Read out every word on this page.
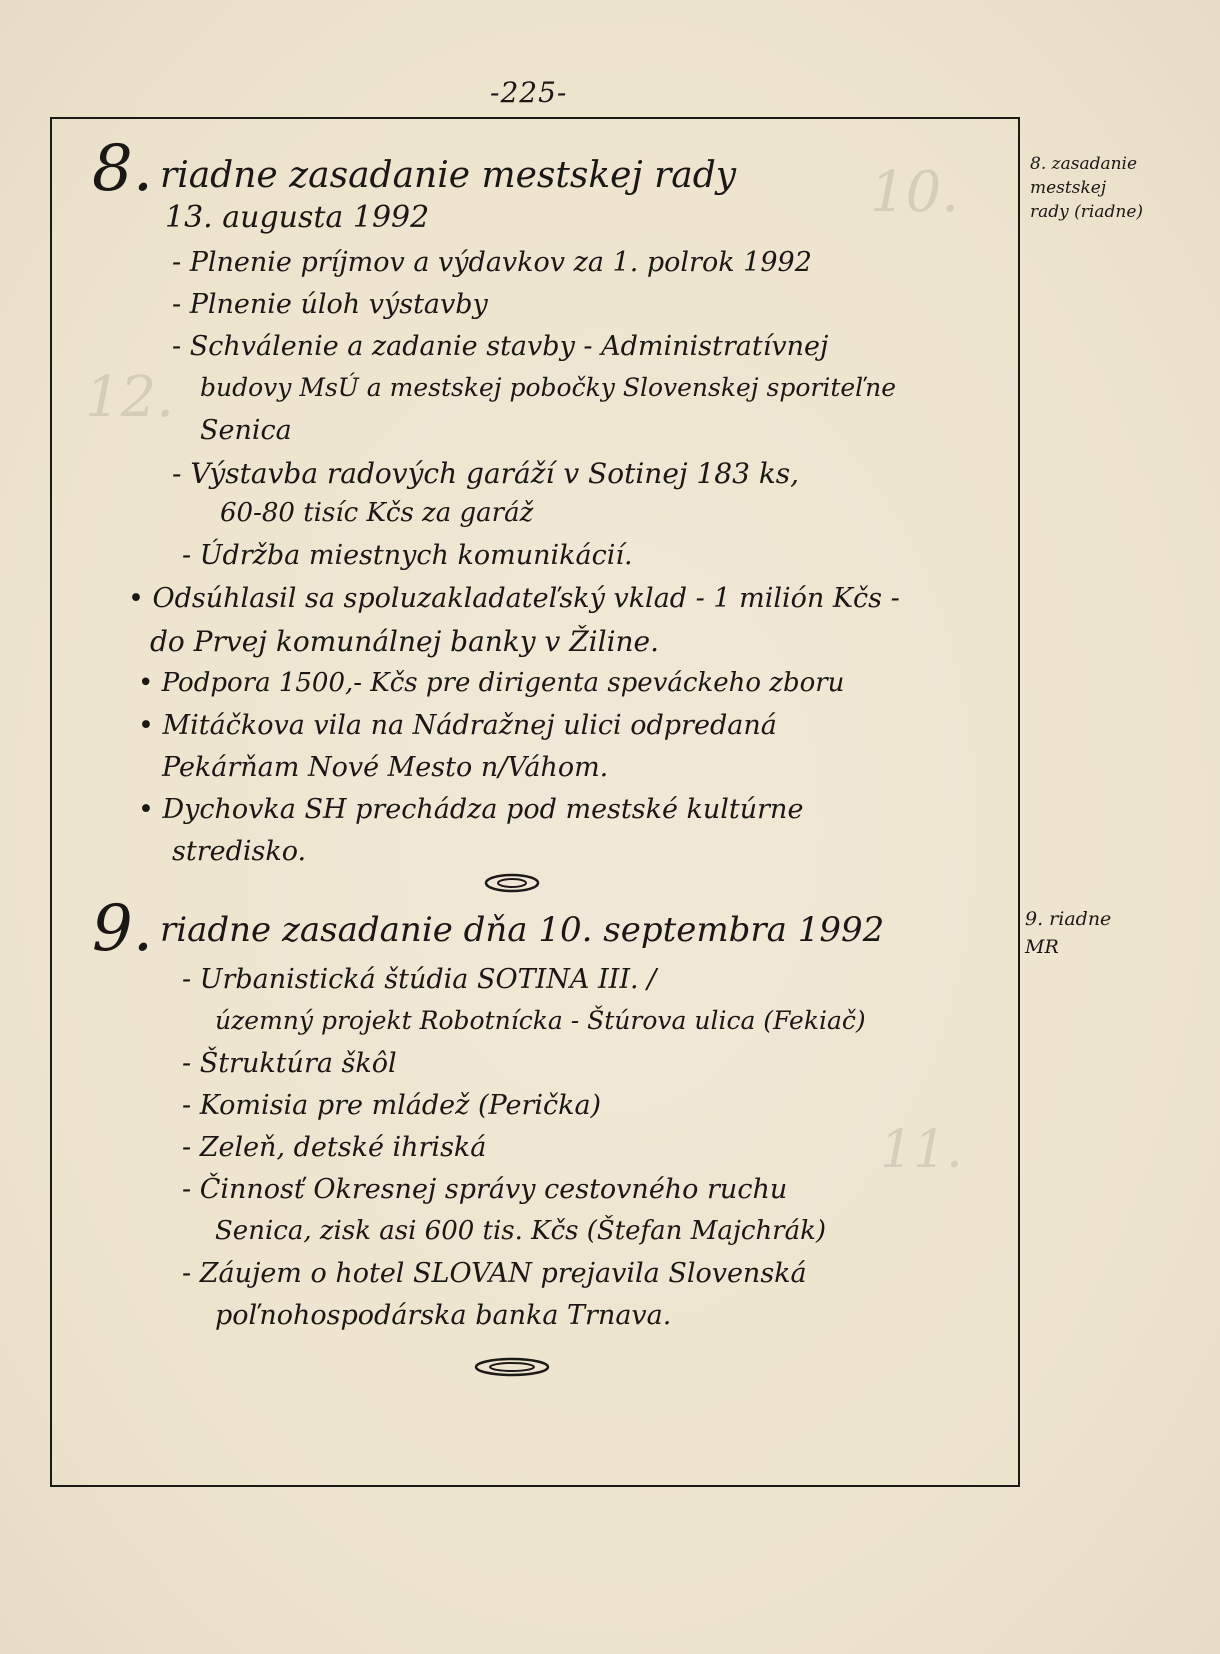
10.
12.
11.
-225-
8. riadne zasadanie mestskej rady
13. augusta 1992
- Plnenie príjmov a výdavkov za 1. polrok 1992
- Plnenie úloh výstavby
- Schválenie a zadanie stavby - Administratívnej
budovy MsÚ a mestskej pobočky Slovenskej sporiteľne
Senica
- Výstavba radových garáží v Sotinej 183 ks,
60-80 tisíc Kčs za garáž
- Údržba miestnych komunikácií.
• Odsúhlasil sa spoluzakladateľský vklad - 1 milión Kčs -
do Prvej komunálnej banky v Žiline.
• Podpora 1500,- Kčs pre dirigenta speváckeho zboru
• Mitáčkova vila na Nádražnej ulici odpredaná
Pekárňam Nové Mesto n/Váhom.
• Dychovka SH prechádza pod mestské kultúrne
stredisko.
9. riadne zasadanie dňa 10. septembra 1992
- Urbanistická štúdia SOTINA III. /
územný projekt Robotnícka - Štúrova ulica (Fekiač)
- Štruktúra škôl
- Komisia pre mládež (Perička)
- Zeleň, detské ihriská
- Činnosť Okresnej správy cestovného ruchu
Senica, zisk asi 600 tis. Kčs (Štefan Majchrák)
- Záujem o hotel SLOVAN prejavila Slovenská
poľnohospodárska banka Trnava.
8. zasadanie
mestskej
rady (riadne)
9. riadne
MR
